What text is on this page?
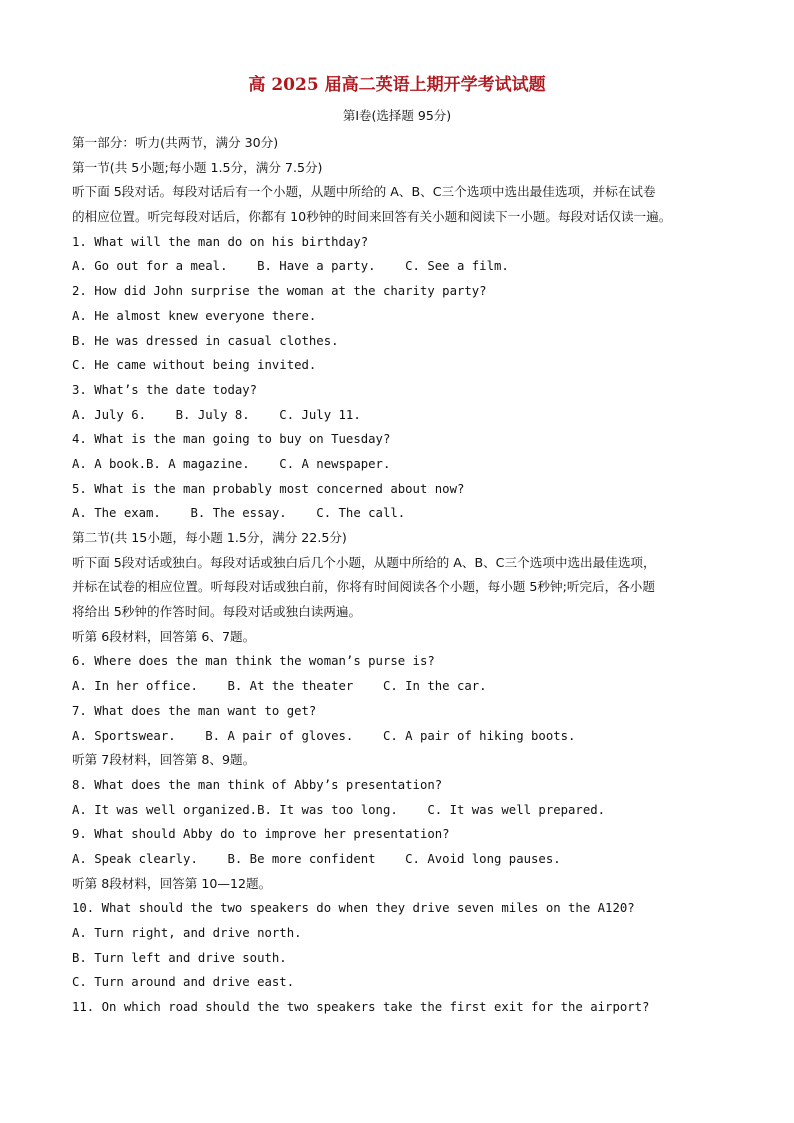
高 2025 届高二英语上期开学考试试题
第Ⅰ卷(选择题 95分)
第一部分：听力(共两节，满分 30分)
第一节(共 5小题;每小题 1.5分，满分 7.5分)
听下面 5段对话。每段对话后有一个小题，从题中所给的 A、B、C三个选项中选出最佳选项，并标在试卷
的相应位置。听完每段对话后，你都有 10秒钟的时间来回答有关小题和阅读下一小题。每段对话仅读一遍。
1. What will the man do on his birthday?
A. Go out for a meal.    B. Have a party.    C. See a film.
2. How did John surprise the woman at the charity party?
A. He almost knew everyone there.
B. He was dressed in casual clothes.
C. He came without being invited.
3. What’s the date today?
A. July 6.    B. July 8.    C. July 11.
4. What is the man going to buy on Tuesday?
A. A book.B. A magazine.    C. A newspaper.
5. What is the man probably most concerned about now?
A. The exam.    B. The essay.    C. The call.
第二节(共 15小题，每小题 1.5分，满分 22.5分)
听下面 5段对话或独白。每段对话或独白后几个小题，从题中所给的 A、B、C三个选项中选出最佳选项，
并标在试卷的相应位置。听每段对话或独白前，你将有时间阅读各个小题，每小题 5秒钟;听完后，各小题
将给出 5秒钟的作答时间。每段对话或独白读两遍。
听第 6段材料，回答第 6、7题。
6. Where does the man think the woman’s purse is?
A. In her office.    B. At the theater    C. In the car.
7. What does the man want to get?
A. Sportswear.    B. A pair of gloves.    C. A pair of hiking boots.
听第 7段材料，回答第 8、9题。
8. What does the man think of Abby’s presentation?
A. It was well organized.B. It was too long.    C. It was well prepared.
9. What should Abby do to improve her presentation?
A. Speak clearly.    B. Be more confident    C. Avoid long pauses.
听第 8段材料，回答第 10—12题。
10. What should the two speakers do when they drive seven miles on the A120?
A. Turn right, and drive north.
B. Turn left and drive south.
C. Turn around and drive east.
11. On which road should the two speakers take the first exit for the airport?
